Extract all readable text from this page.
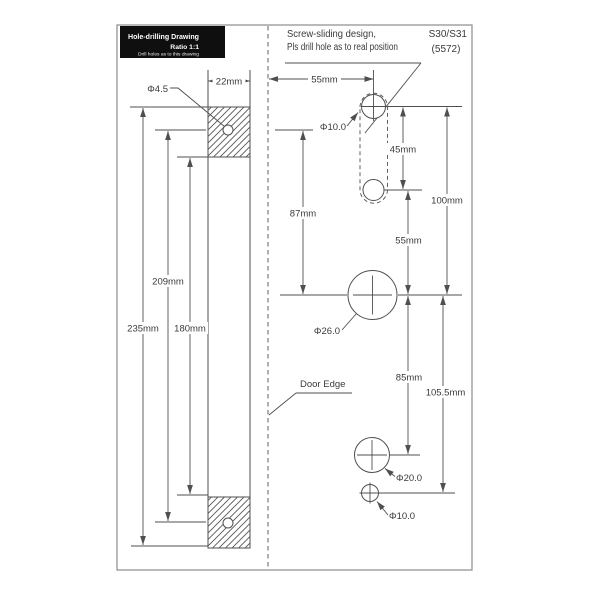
Hole-drilling Drawing
Ratio 1:1
Drill holes as to this drawing
Screw-sliding design,
Pls drill hole as to real position
S30/S31
(5572)
22mm
Φ4.5
235mm
209mm
180mm
55mm
Φ10.0
45mm
55mm
100mm
87mm
Φ26.0
Door Edge
85mm
105.5mm
Φ20.0
Φ10.0
